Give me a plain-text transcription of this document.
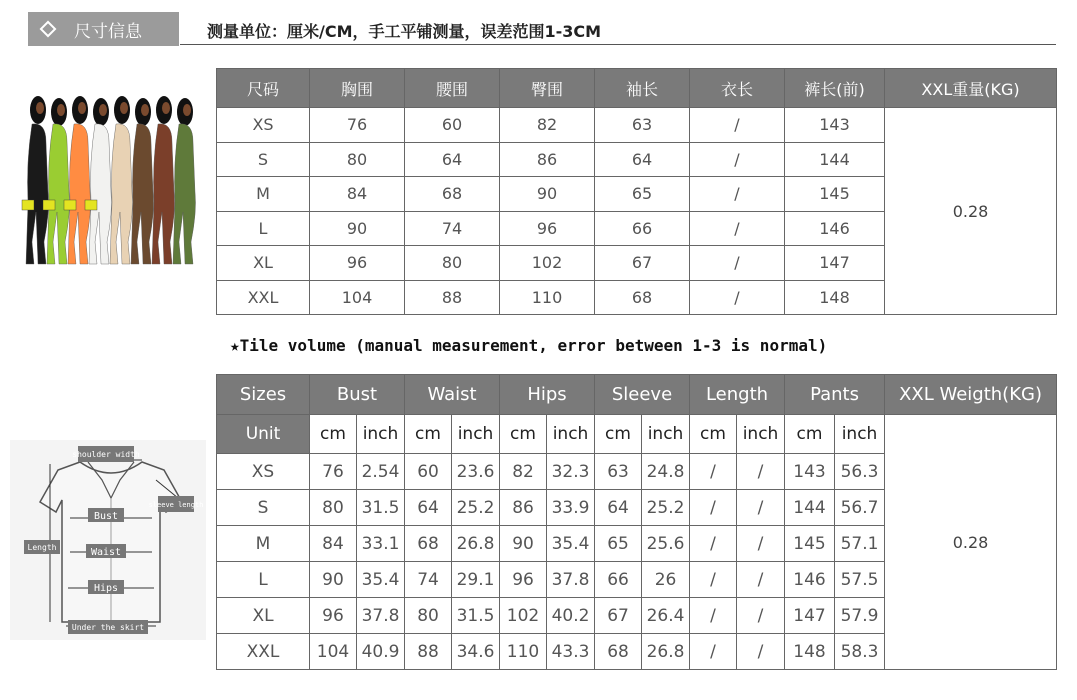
尺寸信息	测量单位：厘米/CM，手工平铺测量，误差范围1-3CM
尺码	胸围	腰围	臀围	袖长	衣长	裤长(前)	XXL重量(KG)
XS	76	60	82	63	/	143	0.28
S	80	64	86	64	/	144	
M	84	68	90	65	/	145	
L	90	74	96	66	/	146	
XL	96	80	102	67	/	147	
XXL	104	88	110	68	/	148	
★Tile volume (manual measurement, error between 1-3 is normal)
shoulder width
sleeve length
Bust
Waist
Hips
Length
Under the skirt
Sizes	Bust		Waist		Hips		Sleeve		Length		Pants		XXL Weigth(KG)
Unit	cm	inch	cm	inch	cm	inch	cm	inch	cm	inch	cm	inch	0.28
XS	76	2.54	60	23.6	82	32.3	63	24.8	/	/	143	56.3	
S	80	31.5	64	25.2	86	33.9	64	25.2	/	/	144	56.7	
M	84	33.1	68	26.8	90	35.4	65	25.6	/	/	145	57.1	
L	90	35.4	74	29.1	96	37.8	66	26	/	/	146	57.5	
XL	96	37.8	80	31.5	102	40.2	67	26.4	/	/	147	57.9	
XXL	104	40.9	88	34.6	110	43.3	68	26.8	/	/	148	58.3	
